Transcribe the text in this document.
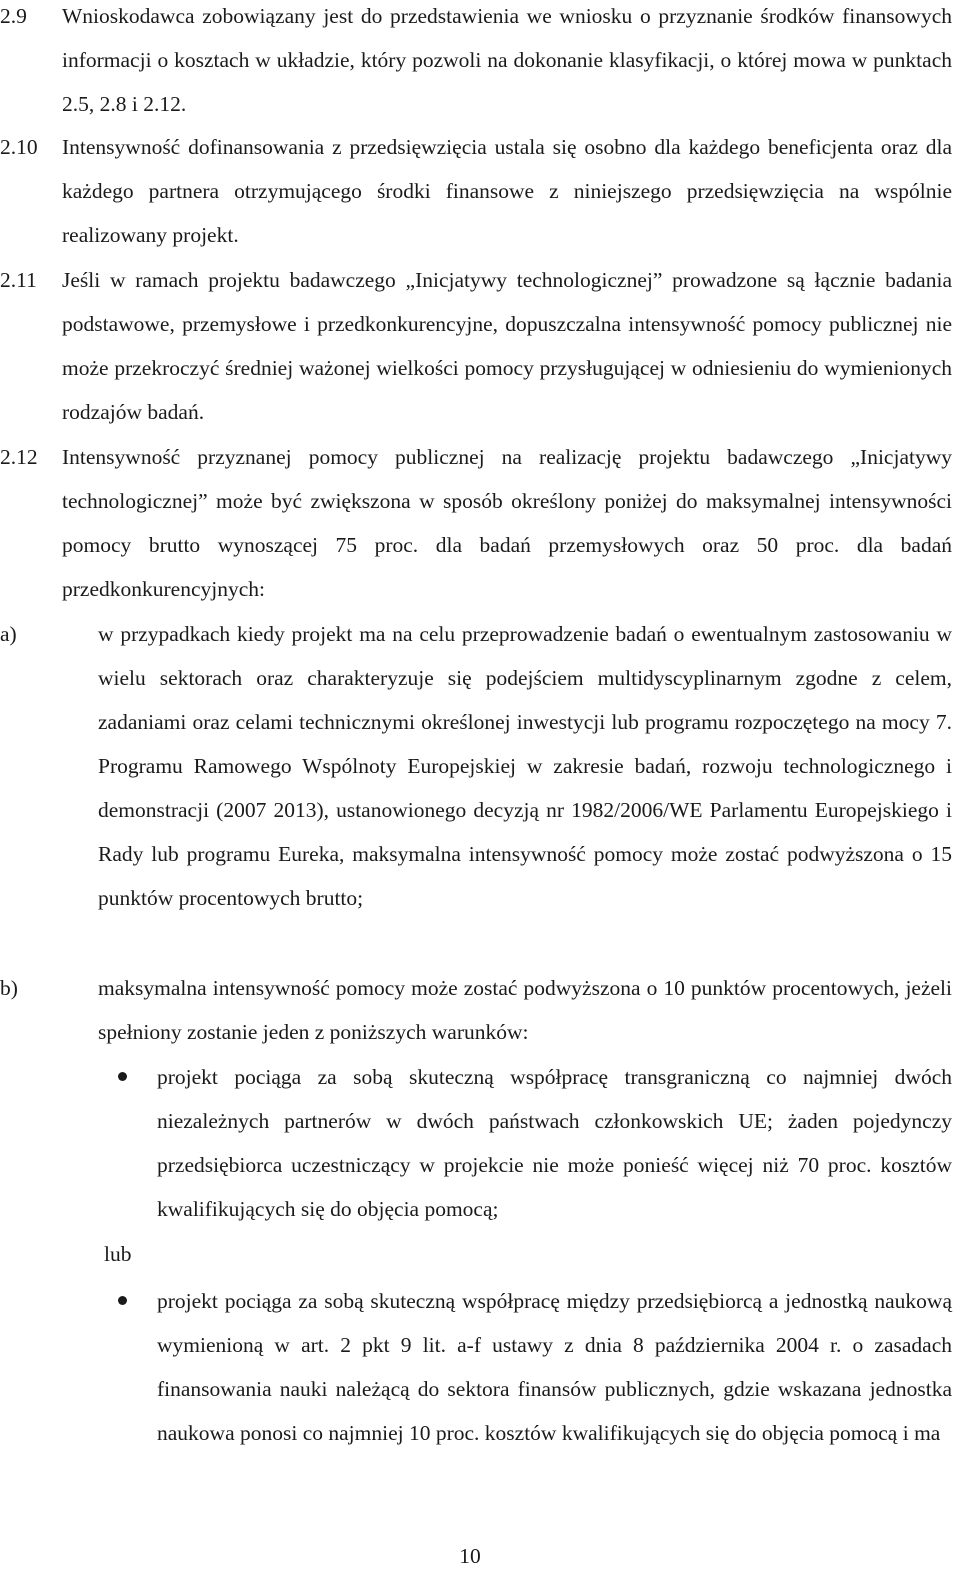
2.9 Wnioskodawca zobowiązany jest do przedstawienia we wniosku o przyznanie środków finansowych informacji o kosztach w układzie, który pozwoli na dokonanie klasyfikacji, o której mowa w punktach 2.5, 2.8 i 2.12.
2.10 Intensywność dofinansowania z przedsięwzięcia ustala się osobno dla każdego beneficjenta oraz dla każdego partnera otrzymującego środki finansowe z niniejszego przedsięwzięcia na wspólnie realizowany projekt.
2.11 Jeśli w ramach projektu badawczego „Inicjatywy technologicznej” prowadzone są łącznie badania podstawowe, przemysłowe i przedkonkurencyjne, dopuszczalna intensywność pomocy publicznej nie może przekroczyć średniej ważonej wielkości pomocy przysługującej w odniesieniu do wymienionych rodzajów badań.
2.12 Intensywność przyznanej pomocy publicznej na realizację projektu badawczego „Inicjatywy technologicznej” może być zwiększona w sposób określony poniżej do maksymalnej intensywności pomocy brutto wynoszącej 75 proc. dla badań przemysłowych oraz 50 proc. dla badań przedkonkurencyjnych:
a)	w przypadkach kiedy projekt ma na celu przeprowadzenie badań o ewentualnym zastosowaniu w wielu sektorach oraz charakteryzuje się podejściem multidyscyplinarnym zgodne z celem, zadaniami oraz celami technicznymi określonej inwestycji lub programu rozpoczętego na mocy 7. Programu Ramowego Wspólnoty Europejskiej w zakresie badań, rozwoju technologicznego i demonstracji (2007 2013), ustanowionego decyzją nr 1982/2006/WE Parlamentu Europejskiego i Rady lub programu Eureka, maksymalna intensywność pomocy może zostać podwyższona o 15 punktów procentowych brutto;
b)	maksymalna intensywność pomocy może zostać podwyższona o 10 punktów procentowych, jeżeli spełniony zostanie jeden z poniższych warunków:
projekt pociąga za sobą skuteczną współpracę transgraniczną co najmniej dwóch niezależnych partnerów w dwóch państwach członkowskich UE; żaden pojedynczy przedsiębiorca uczestniczący w projekcie nie może ponieść więcej niż 70 proc. kosztów kwalifikujących się do objęcia pomocą;
lub
projekt pociąga za sobą skuteczną współpracę między przedsiębiorcą a jednostką naukową wymienioną w art. 2 pkt 9 lit. a-f ustawy z dnia 8 października 2004 r. o zasadach finansowania nauki należącą do sektora finansów publicznych, gdzie wskazana jednostka naukowa ponosi co najmniej 10 proc. kosztów kwalifikujących się do objęcia pomocą i ma
10
